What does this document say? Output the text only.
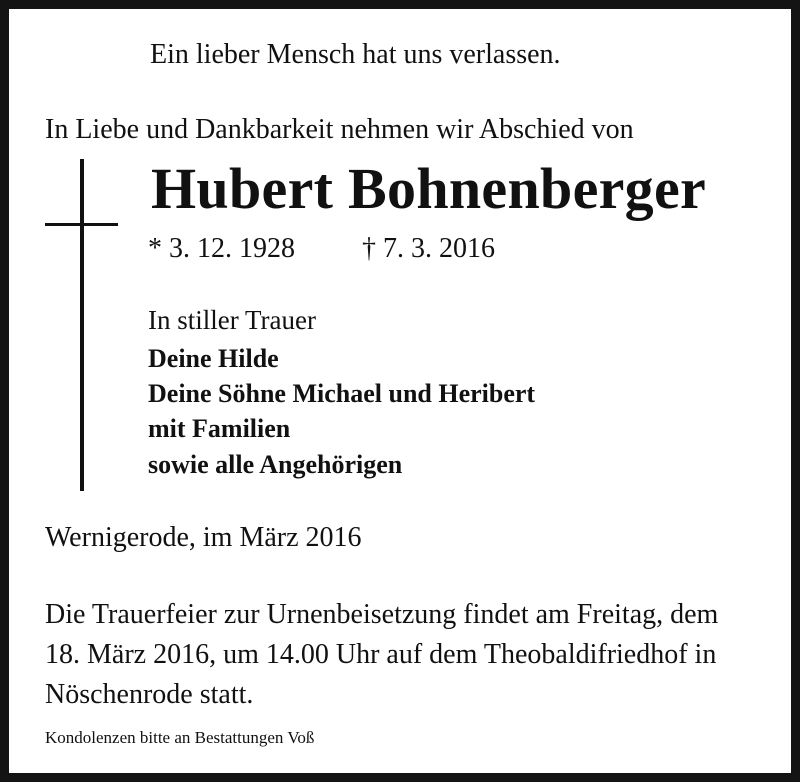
Ein lieber Mensch hat uns verlassen.
In Liebe und Dankbarkeit nehmen wir Abschied von
Hubert Bohnenberger
* 3. 12. 1928 † 7. 3. 2016
In stiller Trauer
Deine Hilde
Deine Söhne Michael und Heribert
mit Familien
sowie alle Angehörigen
Wernigerode, im März 2016
Die Trauerfeier zur Urnenbeisetzung findet am Freitag, dem
18. März 2016, um 14.00 Uhr auf dem Theobaldifriedhof in
Nöschenrode statt.
Kondolenzen bitte an Bestattungen Voß
